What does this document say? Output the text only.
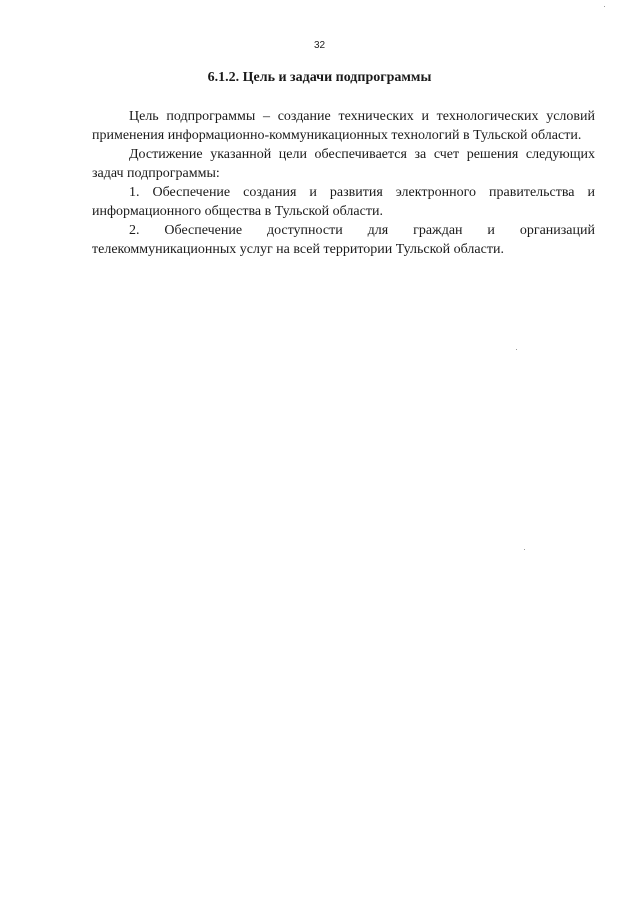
32
6.1.2. Цель и задачи подпрограммы

Цель подпрограммы – создание технических и технологических условий применения информационно-коммуникационных технологий в Тульской области.

Достижение указанной цели обеспечивается за счет решения следующих задач подпрограммы:

1. Обеспечение создания и развития электронного правительства и информационного общества в Тульской области.

2. Обеспечение доступности для граждан и организаций телекоммуникационных услуг на всей территории Тульской области.
